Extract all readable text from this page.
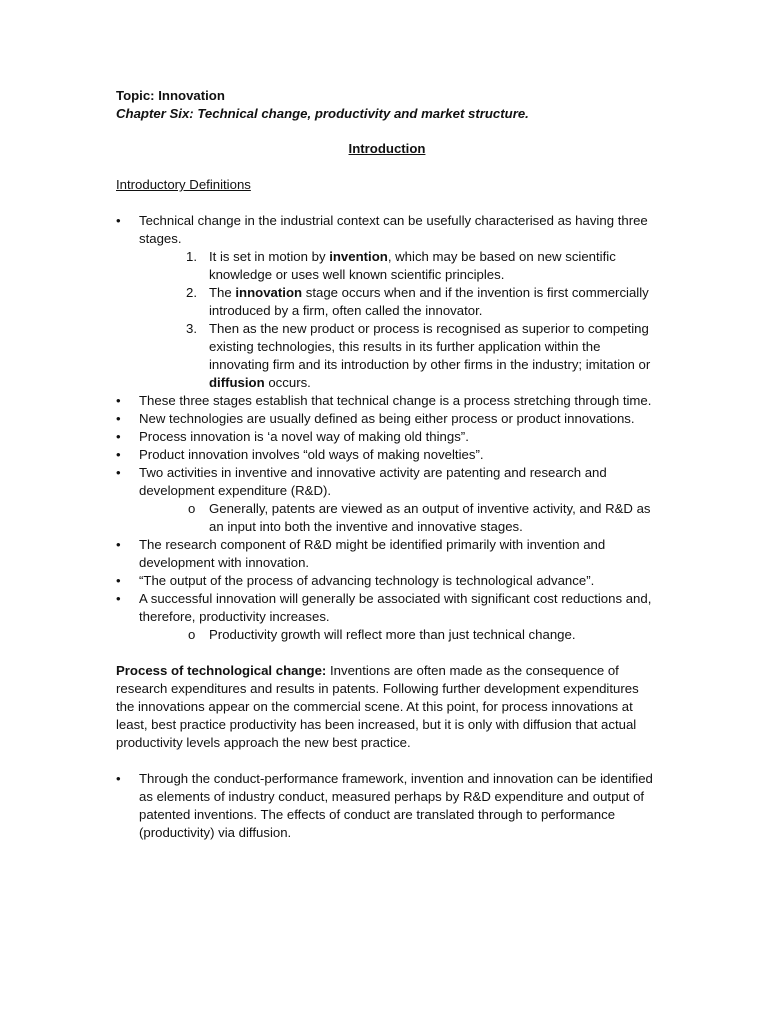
Topic: Innovation

Chapter Six: Technical change, productivity and market structure.

Introduction

Introductory Definitions

• Technical change in the industrial context can be usefully characterised as having three stages.
1. It is set in motion by invention, which may be based on new scientific knowledge or uses well known scientific principles.
2. The innovation stage occurs when and if the invention is first commercially introduced by a firm, often called the innovator.
3. Then as the new product or process is recognised as superior to competing existing technologies, this results in its further application within the innovating firm and its introduction by other firms in the industry; imitation or diffusion occurs.
• These three stages establish that technical change is a process stretching through time.
• New technologies are usually defined as being either process or product innovations.
• Process innovation is ‘a novel way of making old things”.
• Product innovation involves “old ways of making novelties”.
• Two activities in inventive and innovative activity are patenting and research and development expenditure (R&D).
o Generally, patents are viewed as an output of inventive activity, and R&D as an input into both the inventive and innovative stages.
• The research component of R&D might be identified primarily with invention and development with innovation.
• “The output of the process of advancing technology is technological advance”.
• A successful innovation will generally be associated with significant cost reductions and, therefore, productivity increases.
o Productivity growth will reflect more than just technical change.

Process of technological change: Inventions are often made as the consequence of research expenditures and results in patents. Following further development expenditures the innovations appear on the commercial scene. At this point, for process innovations at least, best practice productivity has been increased, but it is only with diffusion that actual productivity levels approach the new best practice.

• Through the conduct-performance framework, invention and innovation can be identified as elements of industry conduct, measured perhaps by R&D expenditure and output of patented inventions. The effects of conduct are translated through to performance (productivity) via diffusion.
